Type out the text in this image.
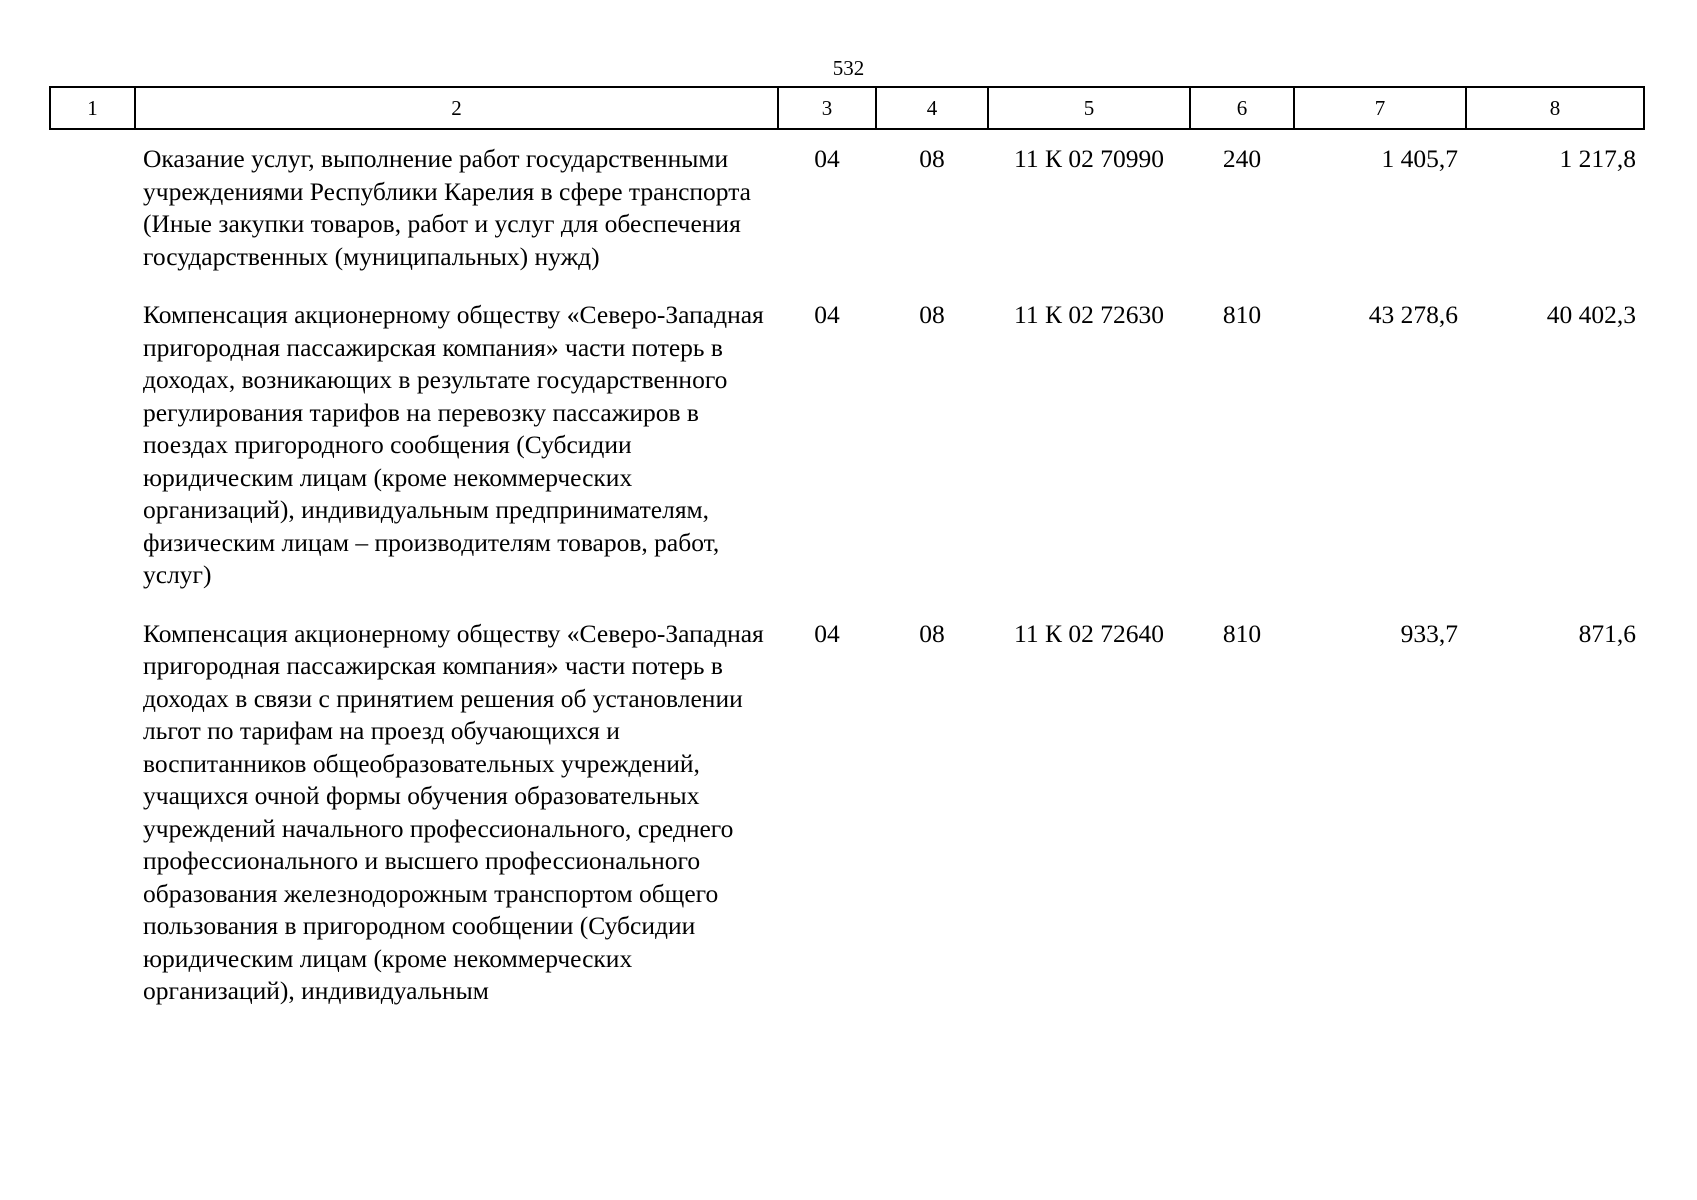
532
1	2	3	4	5	6	7	8
	Оказание услуг, выполнение работ государственными учреждениями Республики Карелия в сфере транспорта (Иные закупки товаров, работ и услуг для обеспечения государственных (муниципальных) нужд)	04	08	11 К 02 70990	240	1 405,7	1 217,8
	Компенсация акционерному обществу «Северо-Западная пригородная пассажирская компания» части потерь в доходах, возникающих в результате государственного регулирования тарифов на перевозку пассажиров в поездах пригородного сообщения (Субсидии юридическим лицам (кроме некоммерческих организаций), индивидуальным предпринимателям, физическим лицам – производителям товаров, работ, услуг)	04	08	11 К 02 72630	810	43 278,6	40 402,3
	Компенсация акционерному обществу «Северо-Западная пригородная пассажирская компания» части потерь в доходах в связи с принятием решения об установлении льгот по тарифам на проезд обучающихся и воспитанников общеобразовательных учреждений, учащихся очной формы обучения образовательных учреждений начального профессионального, среднего профессионального и высшего профессионального образования железнодорожным транспортом общего пользования в пригородном сообщении (Субсидии юридическим лицам (кроме некоммерческих организаций), индивидуальным	04	08	11 К 02 72640	810	933,7	871,6
